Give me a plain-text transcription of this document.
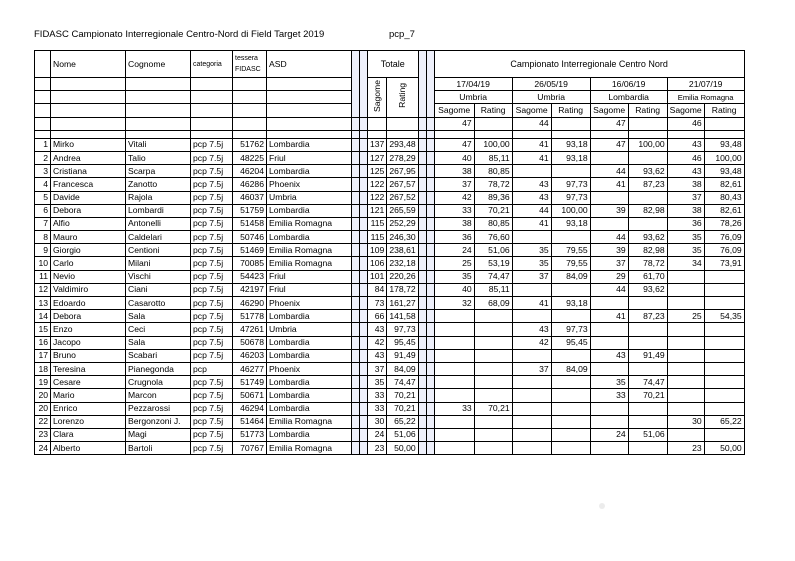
FIDASC Campionato Interregionale Centro-Nord di Field Target 2019	pcp_7
	Nome	Cognome	categoria	tessera FIDASC	ASD			Totale				Campionato Interregionale Centro Nord							
								Sagome	Rating			17/04/19		26/05/19		16/06/19		21/07/19	
												Umbria		Umbria		Lombardia		Emilia Romagna	
												Sagome	Rating	Sagome	Rating	Sagome	Rating	Sagome	Rating
												47		44		47		46	

1	Mirko	Vitali	pcp 7.5j	51762	Lombardia			137	293,48			47	100,00	41	93,18	47	100,00	43	93,48
2	Andrea	Talio	pcp 7.5j	48225	Friul			127	278,29			40	85,11	41	93,18			46	100,00
3	Cristiana	Scarpa	pcp 7.5j	46204	Lombardia			125	267,95			38	80,85			44	93,62	43	93,48
4	Francesca	Zanotto	pcp 7.5j	46286	Phoenix			122	267,57			37	78,72	43	97,73	41	87,23	38	82,61
5	Davide	Rajola	pcp 7.5j	46037	Umbria			122	267,52			42	89,36	43	97,73			37	80,43
6	Debora	Lombardi	pcp 7.5j	51759	Lombardia			121	265,59			33	70,21	44	100,00	39	82,98	38	82,61
7	Alfio	Antonelli	pcp 7.5j	51458	Emilia Romagna			115	252,29			38	80,85	41	93,18			36	78,26
8	Mauro	Caldelari	pcp 7.5j	50746	Lombardia			115	246,30			36	76,60			44	93,62	35	76,09
9	Giorgio	Centioni	pcp 7.5j	51469	Emilia Romagna			109	238,61			24	51,06	35	79,55	39	82,98	35	76,09
10	Carlo	Milani	pcp 7.5j	70085	Emilia Romagna			106	232,18			25	53,19	35	79,55	37	78,72	34	73,91
11	Nevio	Vischi	pcp 7.5j	54423	Friul			101	220,26			35	74,47	37	84,09	29	61,70		
12	Valdimiro	Ciani	pcp 7.5j	42197	Friul			84	178,72			40	85,11			44	93,62		
13	Edoardo	Casarotto	pcp 7.5j	46290	Phoenix			73	161,27			32	68,09	41	93,18				
14	Debora	Sala	pcp 7.5j	51778	Lombardia			66	141,58							41	87,23	25	54,35
15	Enzo	Ceci	pcp 7.5j	47261	Umbria			43	97,73					43	97,73				
16	Jacopo	Sala	pcp 7.5j	50678	Lombardia			42	95,45					42	95,45				
17	Bruno	Scabari	pcp 7.5j	46203	Lombardia			43	91,49							43	91,49		
18	Teresina	Pianegonda	pcp	46277	Phoenix			37	84,09					37	84,09				
19	Cesare	Crugnola	pcp 7.5j	51749	Lombardia			35	74,47							35	74,47		
20	Mario	Marcon	pcp 7.5j	50671	Lombardia			33	70,21							33	70,21		
20	Enrico	Pezzarossi	pcp 7.5j	46294	Lombardia			33	70,21			33	70,21						
22	Lorenzo	Bergonzoni J.	pcp 7.5j	51464	Emilia Romagna			30	65,22									30	65,22
23	Clara	Magi	pcp 7.5j	51773	Lombardia			24	51,06							24	51,06		
24	Alberto	Bartoli	pcp 7.5j	70767	Emilia Romagna			23	50,00									23	50,00
